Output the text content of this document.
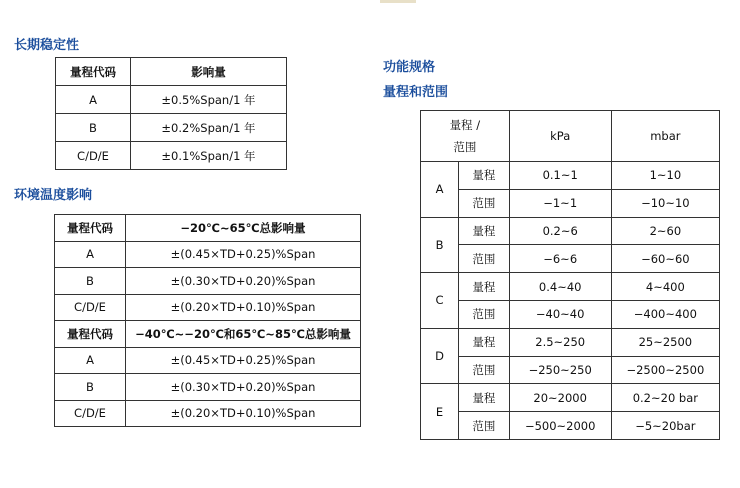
长期稳定性
量程代码	影响量
A	±0.5%Span/1 年
B	±0.2%Span/1 年
C/D/E	±0.1%Span/1 年
环境温度影响
量程代码	−20℃~65℃总影响量
A	±(0.45×TD+0.25)%Span
B	±(0.30×TD+0.20)%Span
C/D/E	±(0.20×TD+0.10)%Span
量程代码	−40℃~−20℃和65℃~85℃总影响量
A	±(0.45×TD+0.25)%Span
B	±(0.30×TD+0.20)%Span
C/D/E	±(0.20×TD+0.10)%Span
功能规格
量程和范围
量程 /
范围		kPa	mbar
A	量程	0.1~1	1~10
	范围	−1~1	−10~10
B	量程	0.2~6	2~60
	范围	−6~6	−60~60
C	量程	0.4~40	4~400
	范围	−40~40	−400~400
D	量程	2.5~250	25~2500
	范围	−250~250	−2500~2500
E	量程	20~2000	0.2~20 bar
	范围	−500~2000	−5~20bar
